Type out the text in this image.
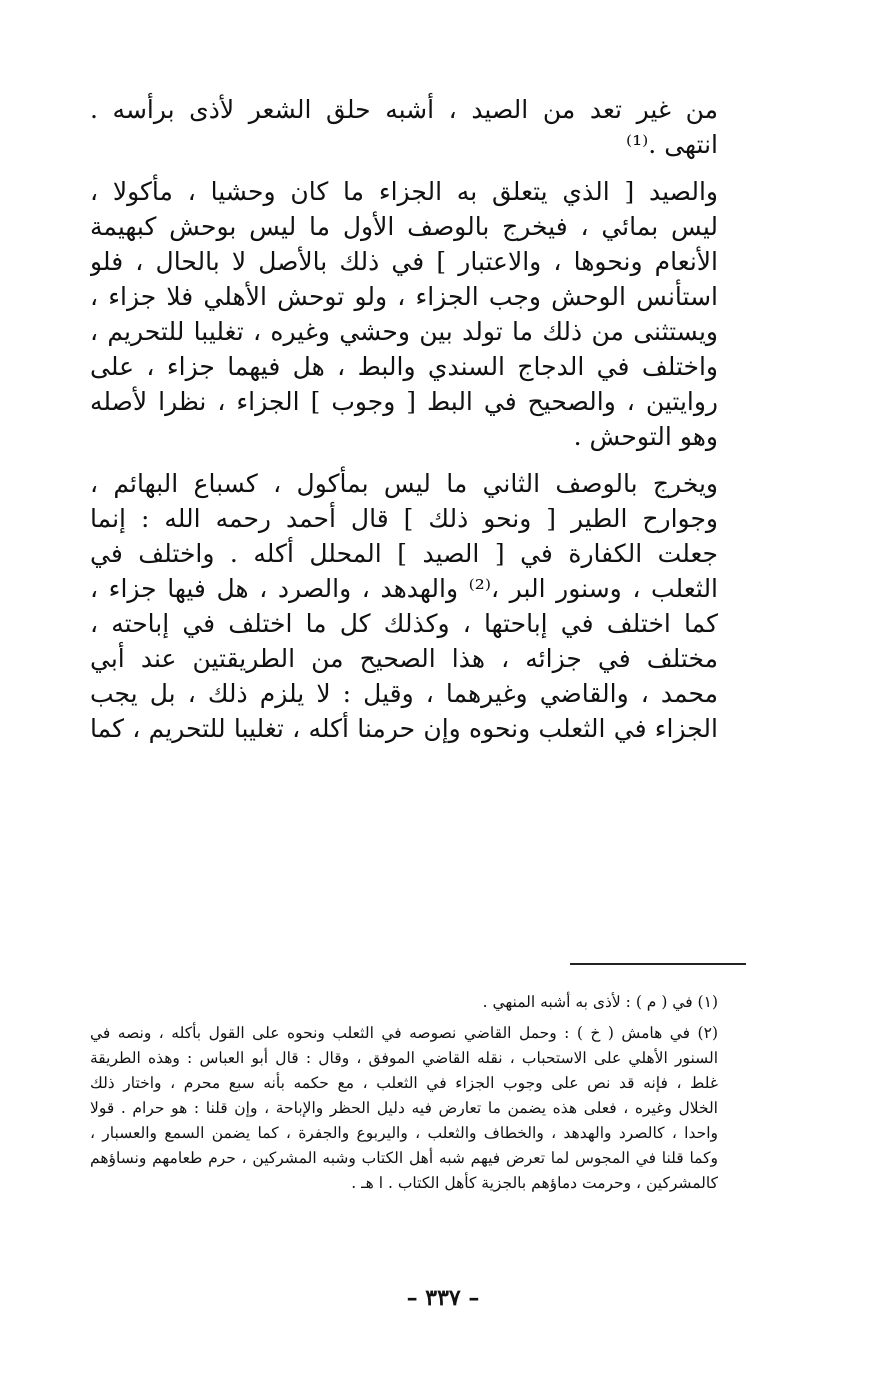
من غير تعد من الصيد ، أشبه حلق الشعر لأذى برأسه .
انتهى .⁽¹⁾
والصيد [ الذي يتعلق به الجزاء ما كان وحشيا ، مأكولا ،
ليس بمائي ، فيخرج بالوصف الأول ما ليس بوحش كبهيمة
الأنعام ونحوها ، والاعتبار ] في ذلك بالأصل لا بالحال ، فلو
استأنس الوحش وجب الجزاء ، ولو توحش الأهلي فلا جزاء ،
ويستثنى من ذلك ما تولد بين وحشي وغيره ، تغليبا للتحريم ،
واختلف في الدجاج السندي والبط ، هل فيهما جزاء ، على
روايتين ، والصحيح في البط [ وجوب ] الجزاء ، نظرا لأصله
وهو التوحش .
ويخرج بالوصف الثاني ما ليس بمأكول ، كسباع البهائم ،
وجوارح الطير [ ونحو ذلك ] قال أحمد رحمه الله : إنما
جعلت الكفارة في [ الصيد ] المحلل أكله . واختلف في
الثعلب ، وسنور البر ،⁽²⁾ والهدهد ، والصرد ، هل فيها جزاء ،
كما اختلف في إباحتها ، وكذلك كل ما اختلف في إباحته ،
مختلف في جزائه ، هذا الصحيح من الطريقتين عند أبي
محمد ، والقاضي وغيرهما ، وقيل : لا يلزم ذلك ، بل يجب
الجزاء في الثعلب ونحوه وإن حرمنا أكله ، تغليبا للتحريم ، كما
(١) في ( م ) : لأذى به أشبه المنهي .
(٢) في هامش ( خ ) : وحمل القاضي نصوصه في الثعلب ونحوه على القول بأكله ، ونصه في
السنور الأهلي على الاستحباب ، نقله القاضي الموفق ، وقال : قال أبو العباس : وهذه الطريقة
غلط ، فإنه قد نص على وجوب الجزاء في الثعلب ، مع حكمه بأنه سبع محرم ، واختار ذلك
الخلال وغيره ، فعلى هذه يضمن ما تعارض فيه دليل الحظر والإباحة ، وإن قلنا : هو حرام . قولا
واحدا ، كالصرد والهدهد ، والخطاف والثعلب ، واليربوع والجفرة ، كما يضمن السمع والعسبار ،
وكما قلنا في المجوس لما تعرض فيهم شبه أهل الكتاب وشبه المشركين ، حرم طعامهم ونساؤهم
كالمشركين ، وحرمت دماؤهم بالجزية كأهل الكتاب . ا هـ .
– ٣٣٧ –
